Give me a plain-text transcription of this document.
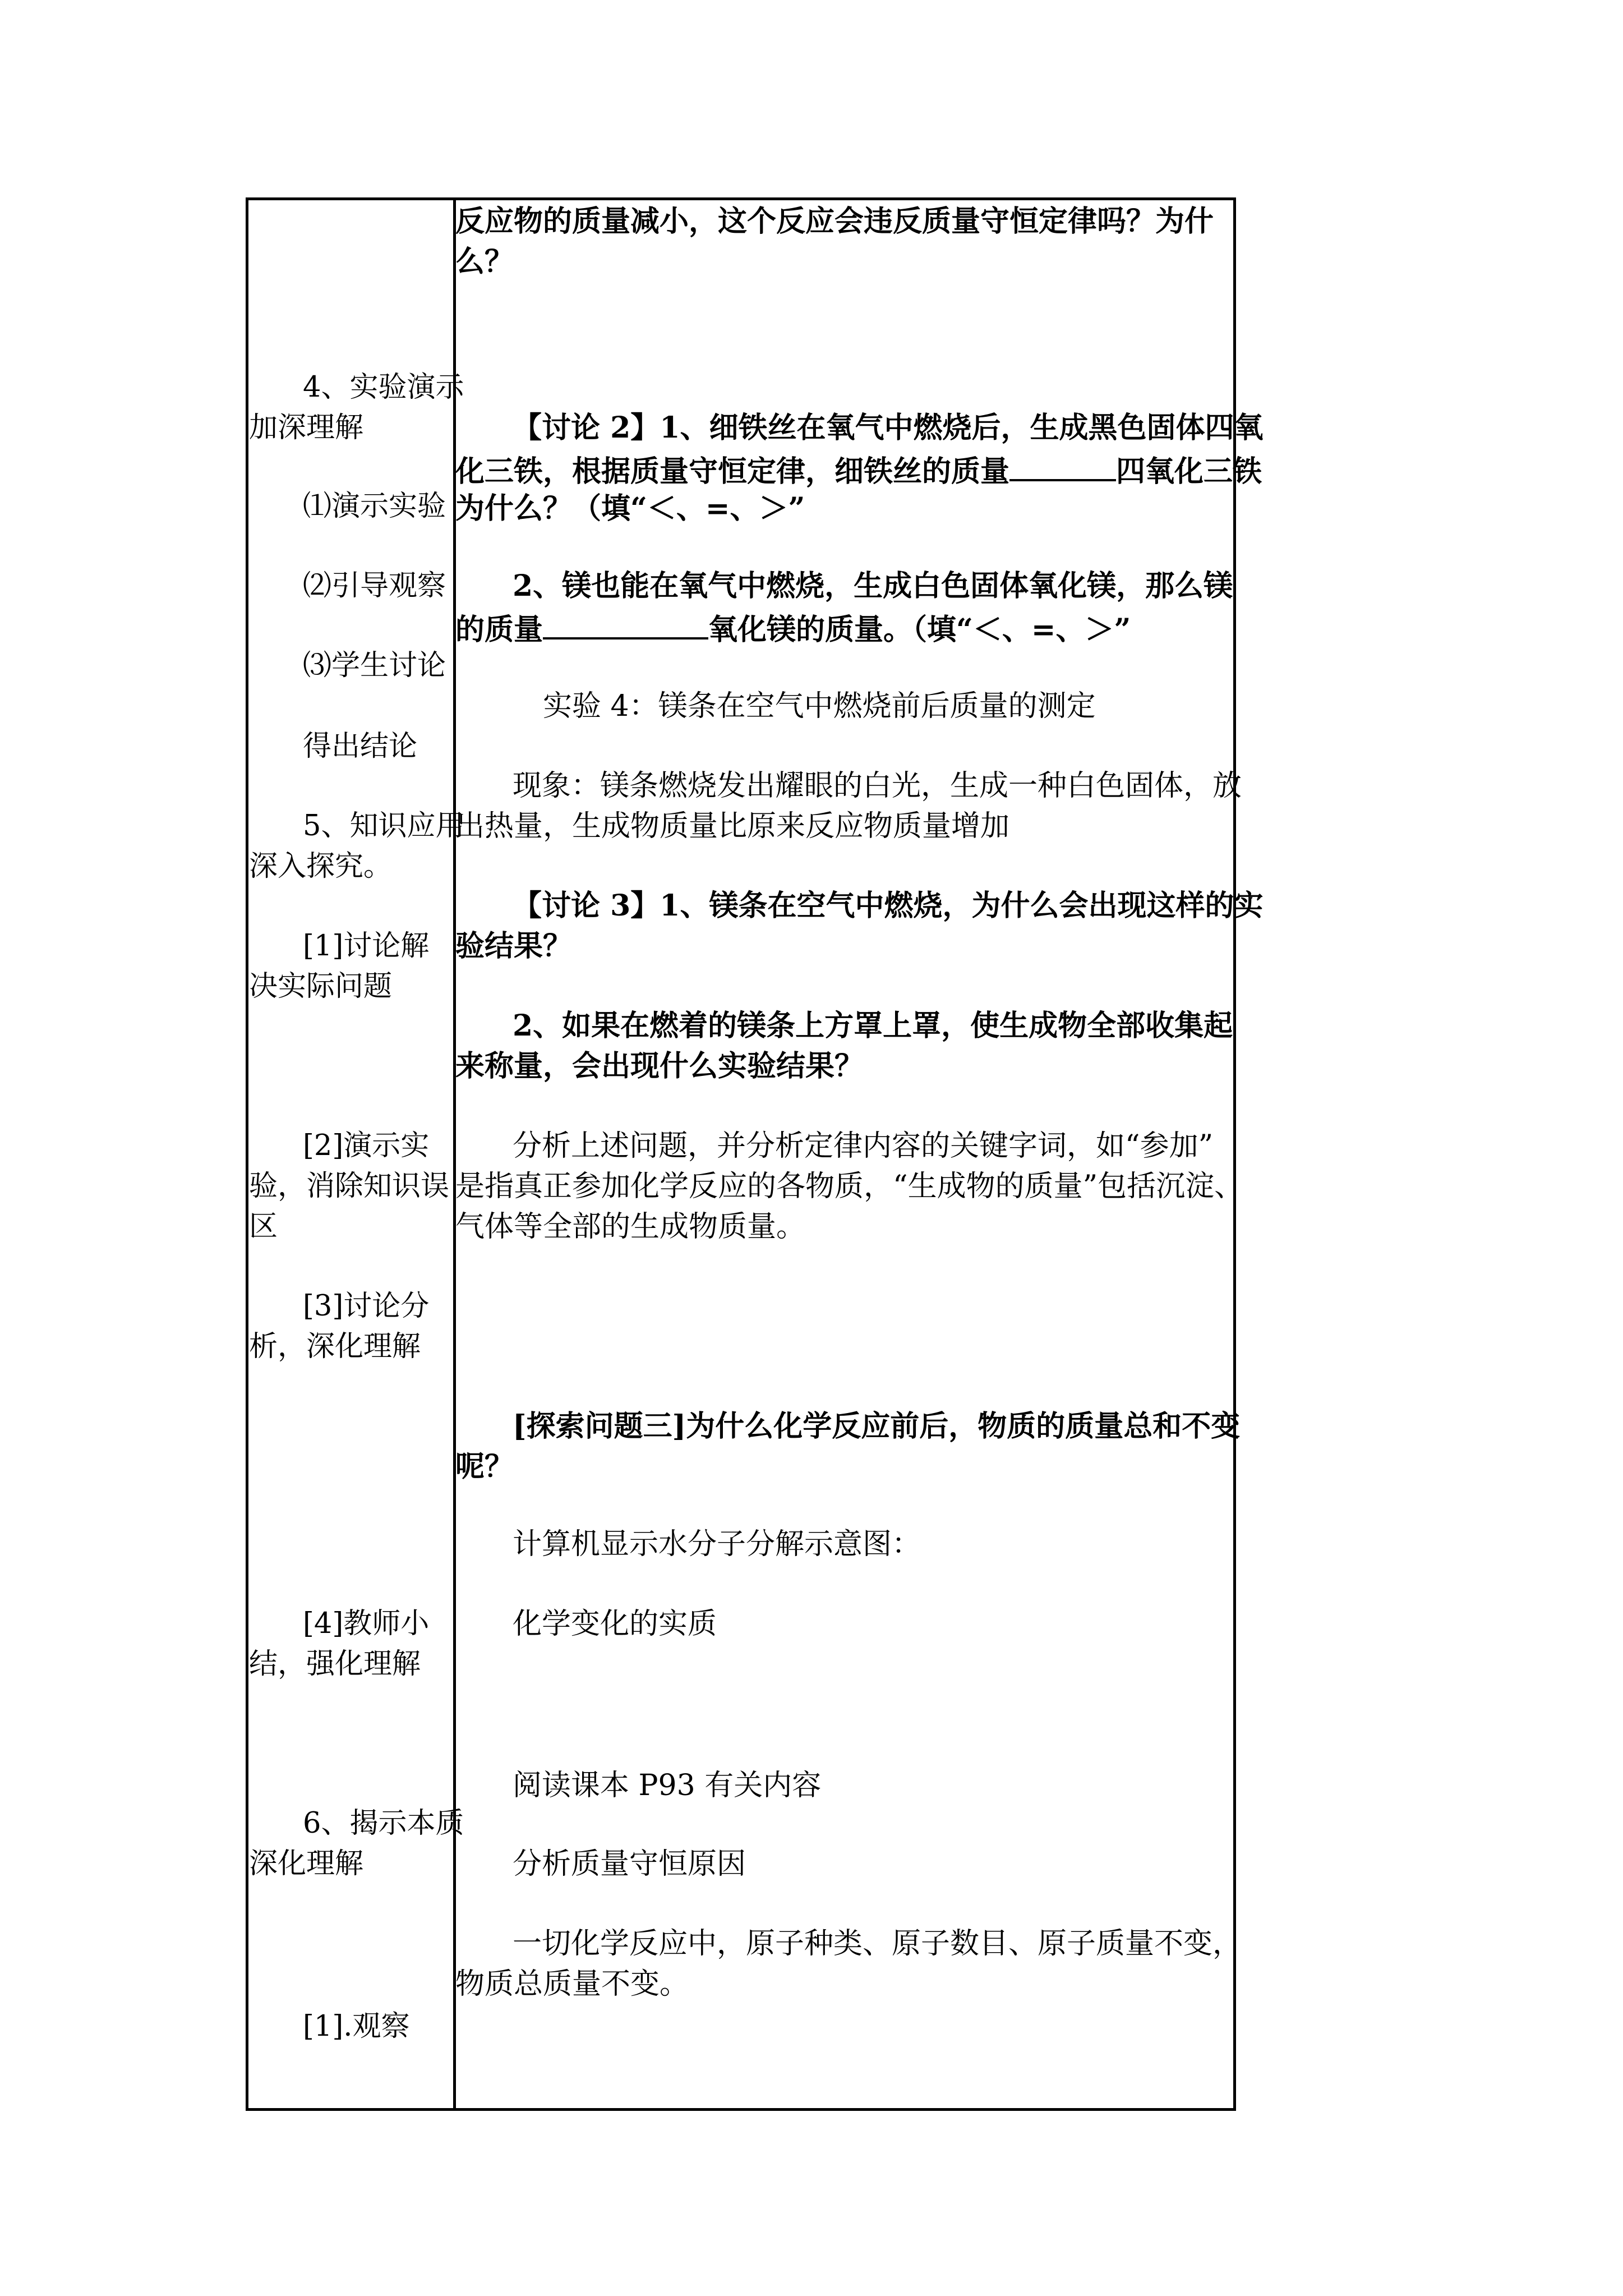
4、实验演示
加深理解
⑴演示实验
⑵引导观察
⑶学生讨论
得出结论
5、知识应用
深入探究。
[1]讨论解
决实际问题
[2]演示实
验，消除知识误
区
[3]讨论分
析，深化理解
[4]教师小
结，强化理解
6、揭示本质
深化理解
[1].观察
反应物的质量减小，这个反应会违反质量守恒定律吗？为什
么？
【讨论 2】1、细铁丝在氧气中燃烧后，生成黑色固体四氧
化三铁，根据质量守恒定律，细铁丝的质量	四氧化三铁
为什么？（填“＜、=、＞”
2、镁也能在氧气中燃烧，生成白色固体氧化镁，那么镁
的质量	氧化镁的质量。（填“＜、=、＞”
实验 4：镁条在空气中燃烧前后质量的测定
现象：镁条燃烧发出耀眼的白光，生成一种白色固体，放
出热量，生成物质量比原来反应物质量增加
【讨论 3】1、镁条在空气中燃烧，为什么会出现这样的实
验结果？
2、如果在燃着的镁条上方罩上罩，使生成物全部收集起
来称量，会出现什么实验结果？
分析上述问题，并分析定律内容的关键字词，如“参加”
是指真正参加化学反应的各物质，“生成物的质量”包括沉淀、
气体等全部的生成物质量。
[探索问题三]为什么化学反应前后，物质的质量总和不变
呢？
计算机显示水分子分解示意图：
化学变化的实质
阅读课本 P93 有关内容
分析质量守恒原因
一切化学反应中，原子种类、原子数目、原子质量不变，
物质总质量不变。
